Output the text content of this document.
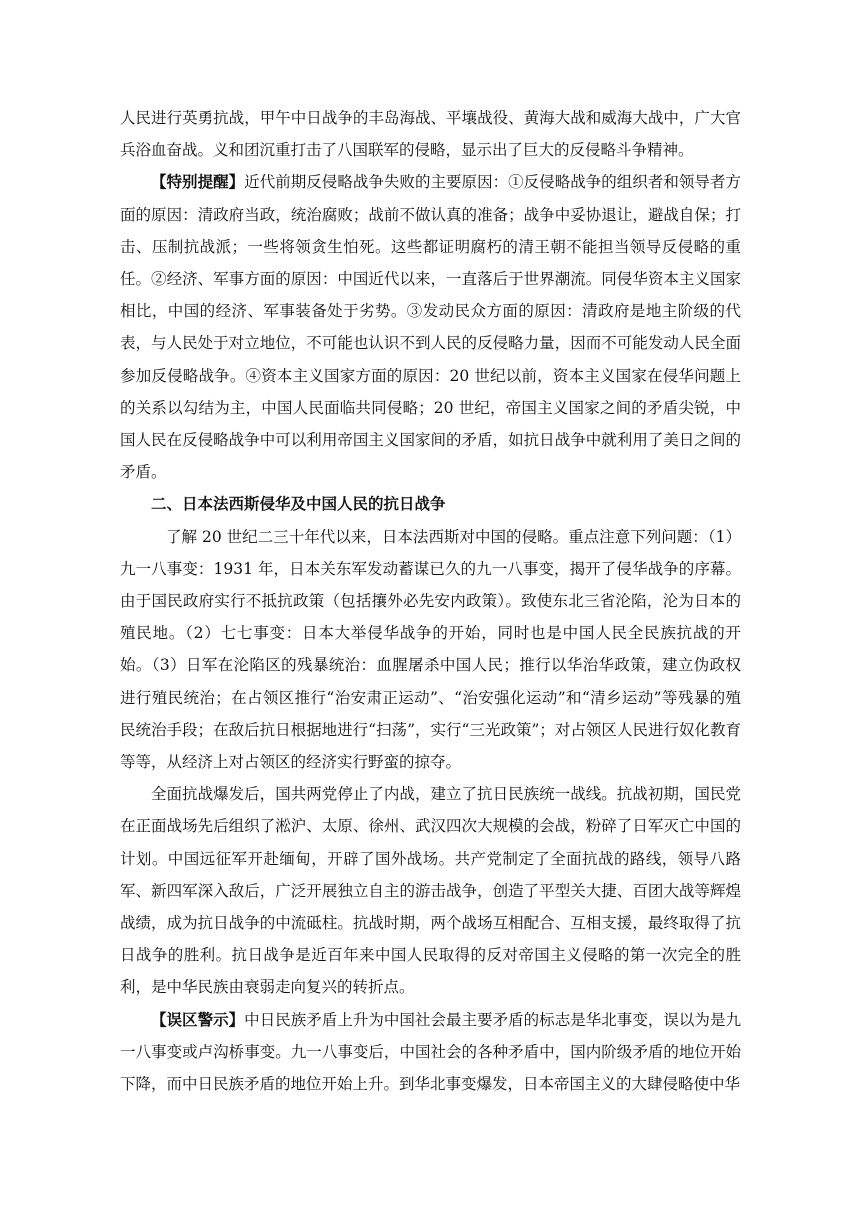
人民进行英勇抗战，甲午中日战争的丰岛海战、平壤战役、黄海大战和威海大战中，广大官兵浴血奋战。义和团沉重打击了八国联军的侵略，显示出了巨大的反侵略斗争精神。

【特别提醒】近代前期反侵略战争失败的主要原因：①反侵略战争的组织者和领导者方面的原因：清政府当政，统治腐败；战前不做认真的准备；战争中妥协退让，避战自保；打击、压制抗战派；一些将领贪生怕死。这些都证明腐朽的清王朝不能担当领导反侵略的重任。②经济、军事方面的原因：中国近代以来，一直落后于世界潮流。同侵华资本主义国家相比，中国的经济、军事装备处于劣势。③发动民众方面的原因：清政府是地主阶级的代表，与人民处于对立地位，不可能也认识不到人民的反侵略力量，因而不可能发动人民全面参加反侵略战争。④资本主义国家方面的原因：20 世纪以前，资本主义国家在侵华问题上的关系以勾结为主，中国人民面临共同侵略；20 世纪，帝国主义国家之间的矛盾尖锐，中国人民在反侵略战争中可以利用帝国主义国家间的矛盾，如抗日战争中就利用了美日之间的矛盾。

二、日本法西斯侵华及中国人民的抗日战争

了解 20 世纪二三十年代以来，日本法西斯对中国的侵略。重点注意下列问题：（1）九一八事变：1931 年，日本关东军发动蓄谋已久的九一八事变，揭开了侵华战争的序幕。由于国民政府实行不抵抗政策（包括攘外必先安内政策）。致使东北三省沦陷，沦为日本的殖民地。（2）七七事变：日本大举侵华战争的开始，同时也是中国人民全民族抗战的开始。（3）日军在沦陷区的残暴统治：血腥屠杀中国人民；推行以华治华政策，建立伪政权进行殖民统治；在占领区推行“治安肃正运动”、“治安强化运动”和“清乡运动”等残暴的殖民统治手段；在敌后抗日根据地进行“扫荡”，实行“三光政策”；对占领区人民进行奴化教育等等，从经济上对占领区的经济实行野蛮的掠夺。

全面抗战爆发后，国共两党停止了内战，建立了抗日民族统一战线。抗战初期，国民党在正面战场先后组织了淞沪、太原、徐州、武汉四次大规模的会战，粉碎了日军灭亡中国的计划。中国远征军开赴缅甸，开辟了国外战场。共产党制定了全面抗战的路线，领导八路军、新四军深入敌后，广泛开展独立自主的游击战争，创造了平型关大捷、百团大战等辉煌战绩，成为抗日战争的中流砥柱。抗战时期，两个战场互相配合、互相支援，最终取得了抗日战争的胜利。抗日战争是近百年来中国人民取得的反对帝国主义侵略的第一次完全的胜利，是中华民族由衰弱走向复兴的转折点。

【误区警示】中日民族矛盾上升为中国社会最主要矛盾的标志是华北事变，误以为是九一八事变或卢沟桥事变。九一八事变后，中国社会的各种矛盾中，国内阶级矛盾的地位开始下降，而中日民族矛盾的地位开始上升。到华北事变爆发，日本帝国主义的大肆侵略使中华
